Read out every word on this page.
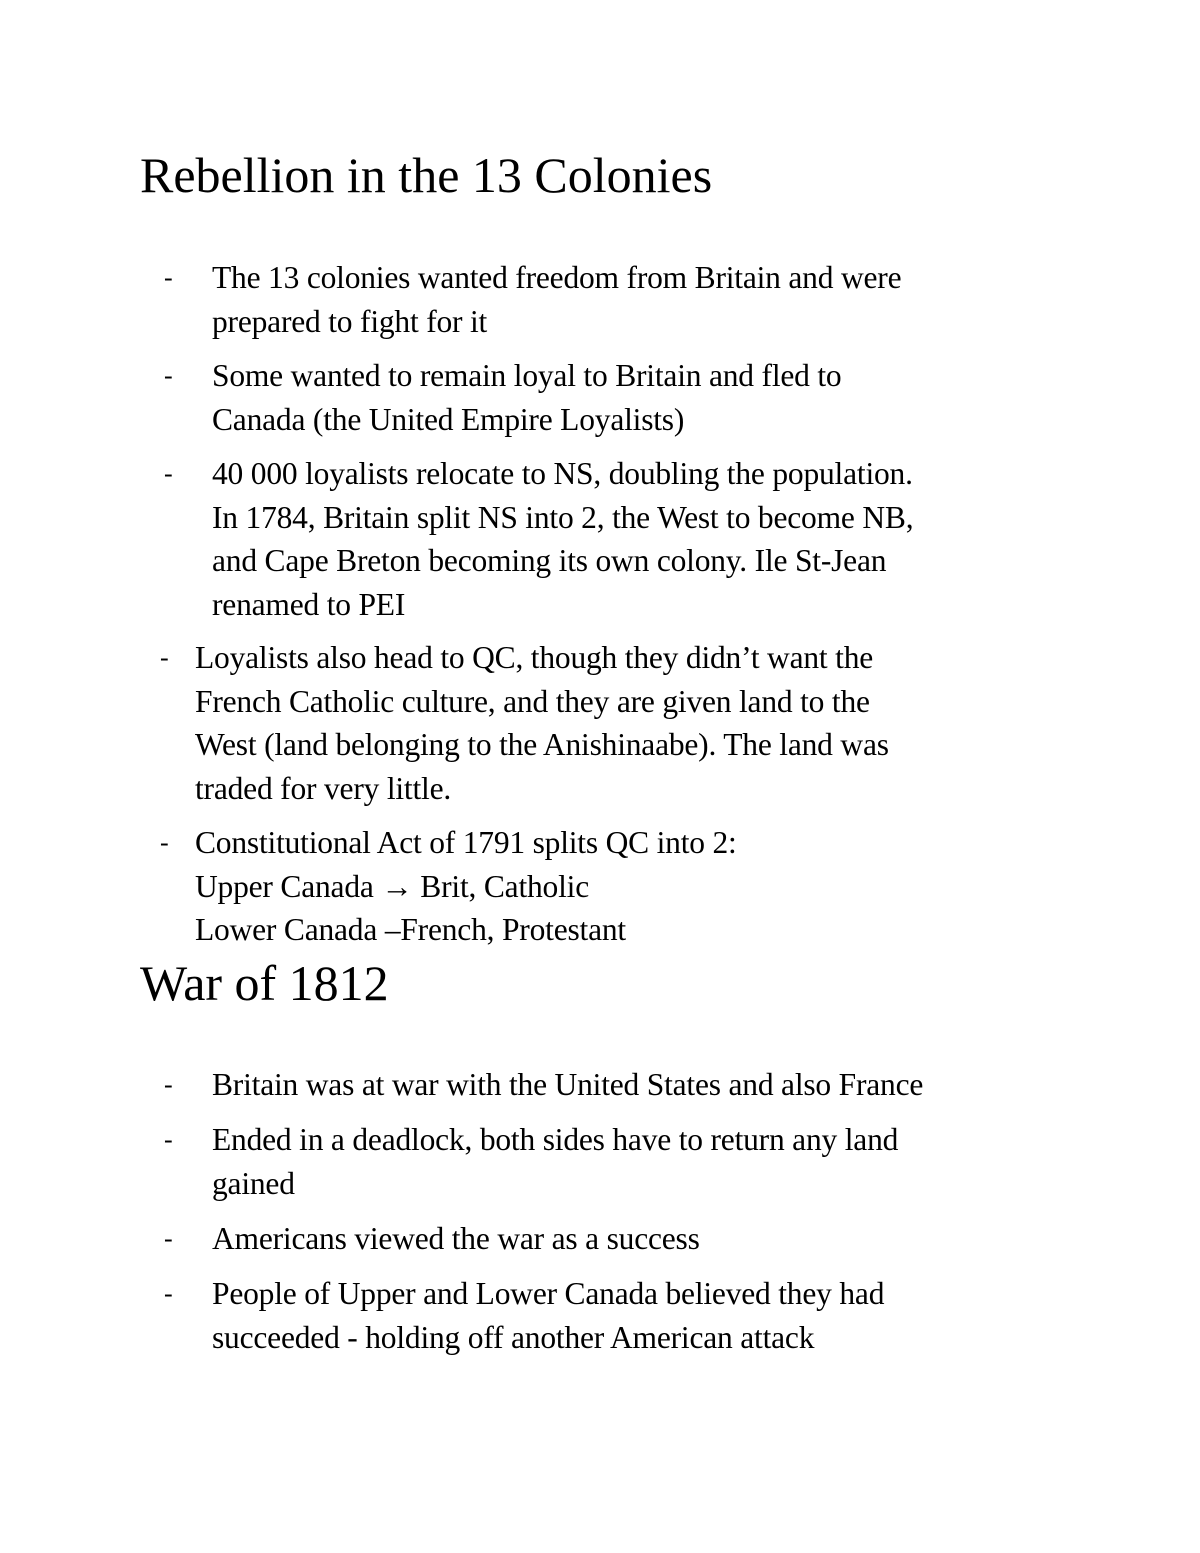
Rebellion in the 13 Colonies
- The 13 colonies wanted freedom from Britain and were
prepared to fight for it
- Some wanted to remain loyal to Britain and fled to
Canada (the United Empire Loyalists)
- 40 000 loyalists relocate to NS, doubling the population.
In 1784, Britain split NS into 2, the West to become NB,
and Cape Breton becoming its own colony. Ile St-Jean
renamed to PEI
- Loyalists also head to QC, though they didn’t want the
French Catholic culture, and they are given land to the
West (land belonging to the Anishinaabe). The land was
traded for very little.
- Constitutional Act of 1791 splits QC into 2:
Upper Canada → Brit, Catholic
Lower Canada –French, Protestant
War of 1812
- Britain was at war with the United States and also France
- Ended in a deadlock, both sides have to return any land
gained
- Americans viewed the war as a success
- People of Upper and Lower Canada believed they had
succeeded - holding off another American attack
